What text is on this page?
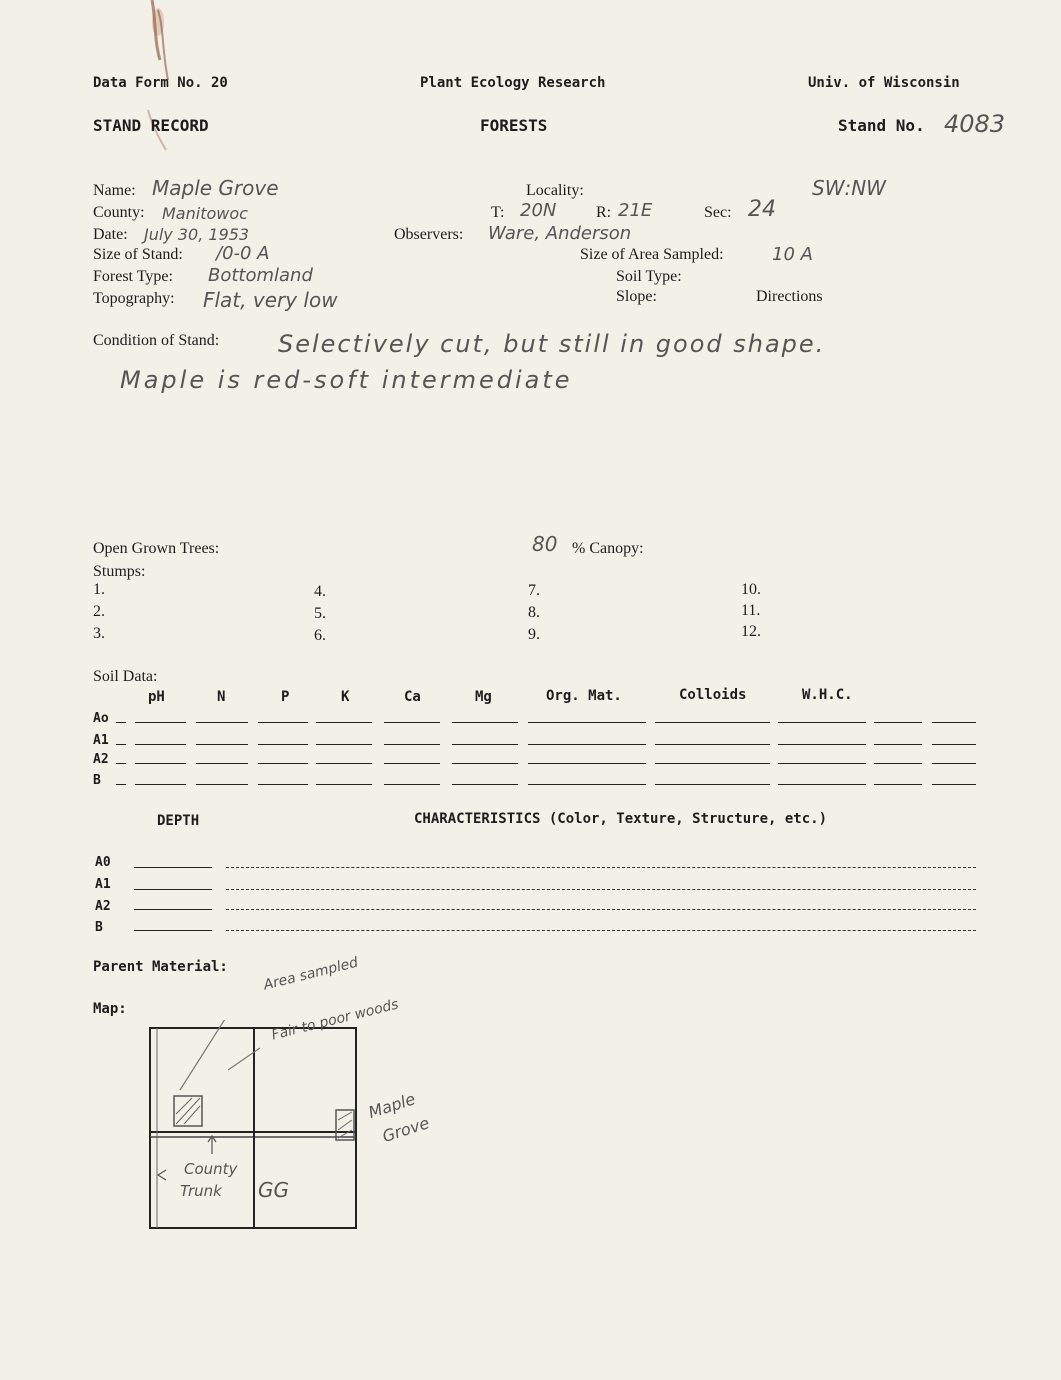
Data Form No. 20	Plant Ecology Research	Univ. of Wisconsin
STAND RECORD	FORESTS	Stand No. 4083
Name: Maple Grove
County: Manitowoc
Date: July 30, 1953
Size of Stand: /0-0 A
Forest Type: Bottomland
Topography: Flat, very low
Locality:	SW:NW
T: 20N R: 21E	Sec: 24
Observers: Ware, Anderson
Size of Area Sampled:	10 A
Soil Type:
Slope:	Directions
Condition of Stand: Selectively cut, but still in good shape.
Maple is red-soft intermediate
Open Grown Trees:	80 % Canopy:
Stumps:
1.
2.
3.
4.
5.
6.
7.
8.
9.
10.
11.
12.
Soil Data:
pH	N	P	K	Ca	Mg	Org. Mat.	Colloids	W.H.C.
Ao
A1
A2
B
DEPTH	CHARACTERISTICS (Color, Texture, Structure, etc.)
A0
A1
A2
B
Parent Material:
Map:
Area sampled
Fair to poor woods
Maple
Grove
County
Trunk GG
